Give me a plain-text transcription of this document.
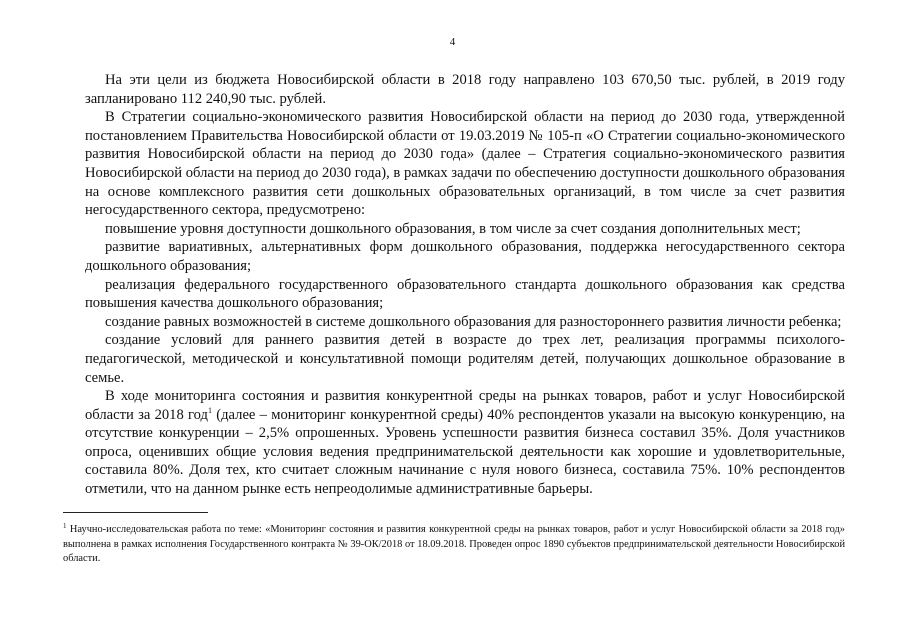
4

На эти цели из бюджета Новосибирской области в 2018 году направлено 103 670,50 тыс. рублей, в 2019 году запланировано 112 240,90 тыс. рублей.

В Стратегии социально-экономического развития Новосибирской области на период до 2030 года, утвержденной постановлением Правительства Новосибирской области от 19.03.2019 № 105-п «О Стратегии социально-экономического развития Новосибирской области на период до 2030 года» (далее – Стратегия социально-экономического развития Новосибирской области на период до 2030 года), в рамках задачи по обеспечению доступности дошкольного образования на основе комплексного развития сети дошкольных образовательных организаций, в том числе за счет развития негосударственного сектора, предусмотрено:

повышение уровня доступности дошкольного образования, в том числе за счет создания дополнительных мест;

развитие вариативных, альтернативных форм дошкольного образования, поддержка негосударственного сектора дошкольного образования;

реализация федерального государственного образовательного стандарта дошкольного образования как средства повышения качества дошкольного образования;

создание равных возможностей в системе дошкольного образования для разностороннего развития личности ребенка;

создание условий для раннего развития детей в возрасте до трех лет, реализация программы психолого-педагогической, методической и консультативной помощи родителям детей, получающих дошкольное образование в семье.

В ходе мониторинга состояния и развития конкурентной среды на рынках товаров, работ и услуг Новосибирской области за 2018 год$^1$ (далее – мониторинг конкурентной среды) 40% респондентов указали на высокую конкуренцию, на отсутствие конкуренции – 2,5% опрошенных. Уровень успешности развития бизнеса составил 35%. Доля участников опроса, оценивших общие условия ведения предпринимательской деятельности как хорошие и удовлетворительные, составила 80%. Доля тех, кто считает сложным начинание с нуля нового бизнеса, составила 75%. 10% респондентов отметили, что на данном рынке есть непреодолимые административные барьеры.

$^1$ Научно-исследовательская работа по теме: «Мониторинг состояния и развития конкурентной среды на рынках товаров, работ и услуг Новосибирской области за 2018 год» выполнена в рамках исполнения Государственного контракта № 39-ОК/2018 от 18.09.2018. Проведен опрос 1890 субъектов предпринимательской деятельности Новосибирской области.
